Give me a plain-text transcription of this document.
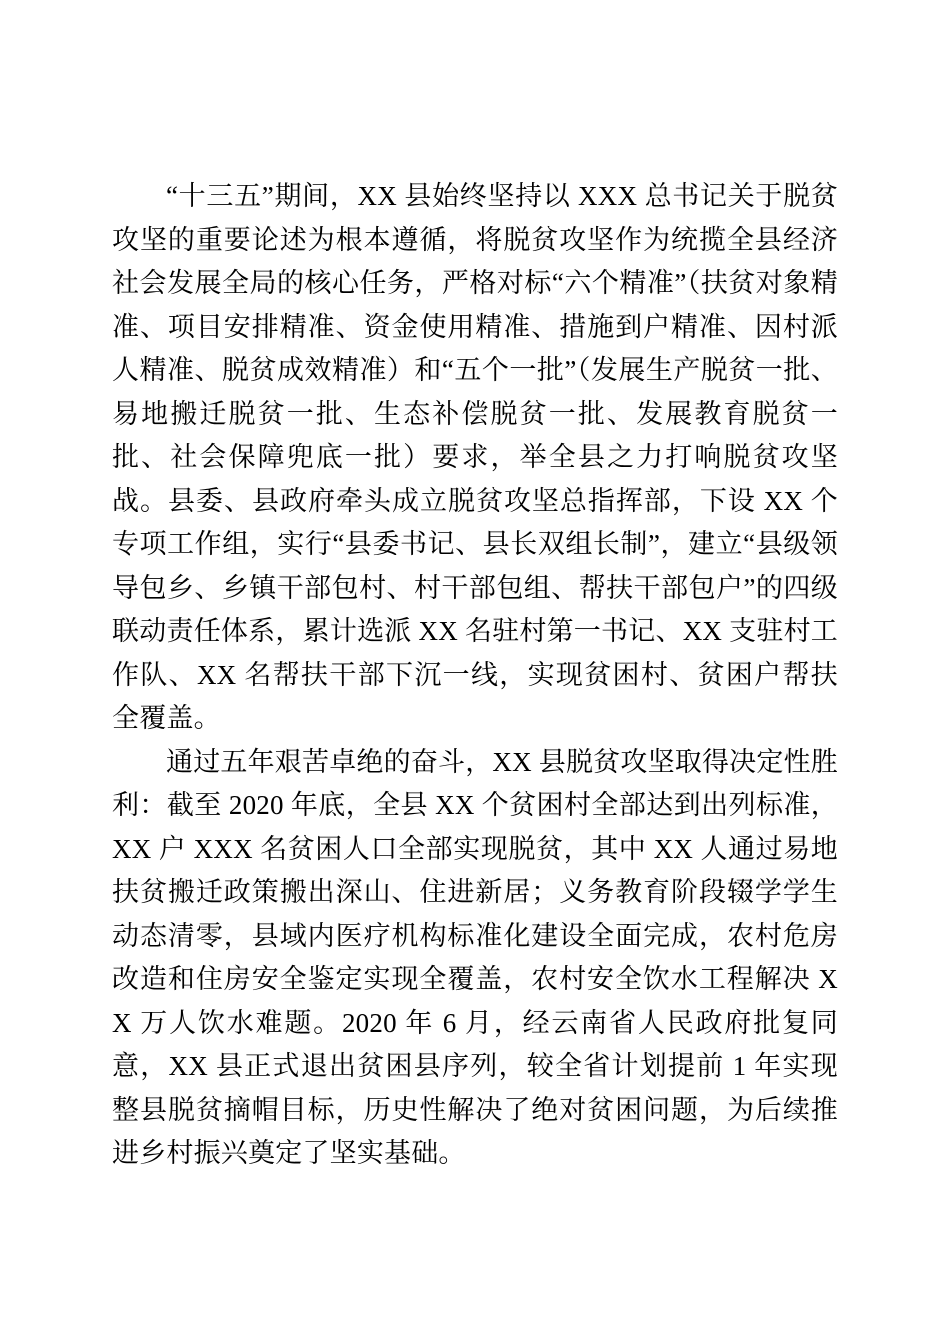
“十三五”期间，XX 县始终坚持以 XXX 总书记关于脱贫攻坚的重要论述为根本遵循，将脱贫攻坚作为统揽全县经济社会发展全局的核心任务，严格对标“六个精准”（扶贫对象精准、项目安排精准、资金使用精准、措施到户精准、因村派人精准、脱贫成效精准）和“五个一批”（发展生产脱贫一批、易地搬迁脱贫一批、生态补偿脱贫一批、发展教育脱贫一批、社会保障兜底一批）要求，举全县之力打响脱贫攻坚战。县委、县政府牵头成立脱贫攻坚总指挥部，下设 XX 个专项工作组，实行“县委书记、县长双组长制”，建立“县级领导包乡、乡镇干部包村、村干部包组、帮扶干部包户”的四级联动责任体系，累计选派 XX 名驻村第一书记、XX 支驻村工作队、XX 名帮扶干部下沉一线，实现贫困村、贫困户帮扶全覆盖。

通过五年艰苦卓绝的奋斗，XX 县脱贫攻坚取得决定性胜利：截至 2020 年底，全县 XX 个贫困村全部达到出列标准，XX 户 XXX 名贫困人口全部实现脱贫，其中 XX 人通过易地扶贫搬迁政策搬出深山、住进新居；义务教育阶段辍学学生动态清零，县域内医疗机构标准化建设全面完成，农村危房改造和住房安全鉴定实现全覆盖，农村安全饮水工程解决 XX 万人饮水难题。2020 年 6 月，经云南省人民政府批复同意，XX 县正式退出贫困县序列，较全省计划提前 1 年实现整县脱贫摘帽目标，历史性解决了绝对贫困问题，为后续推进乡村振兴奠定了坚实基础。
